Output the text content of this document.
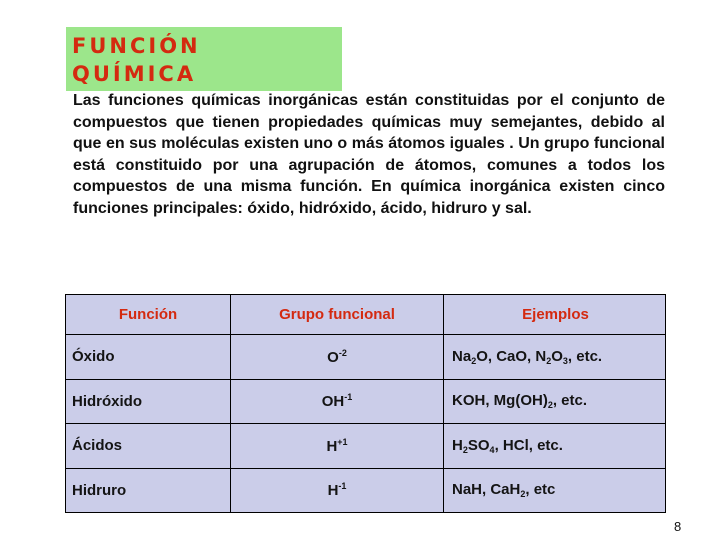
FUNCIÓN
QUÍMICA

Las funciones químicas inorgánicas están constituidas por el conjunto de compuestos que tienen propiedades químicas muy semejantes, debido al que en sus moléculas existen uno o más átomos iguales . Un grupo funcional está constituido por una agrupación de átomos, comunes a todos los compuestos de una misma función. En química inorgánica existen cinco funciones principales: óxido, hidróxido, ácido, hidruro y sal.

Función	Grupo funcional	Ejemplos
Óxido	$O^{-2}$	$Na_2O$, CaO, $N_2O_3$, etc.
Hidróxido	$OH^{-1}$	KOH, $Mg(OH)_2$, etc.
Ácidos	$H^{+1}$	$H_2SO_4$, HCl, etc.
Hidruro	$H^{-1}$	NaH, CaH$_2$, etc
8
